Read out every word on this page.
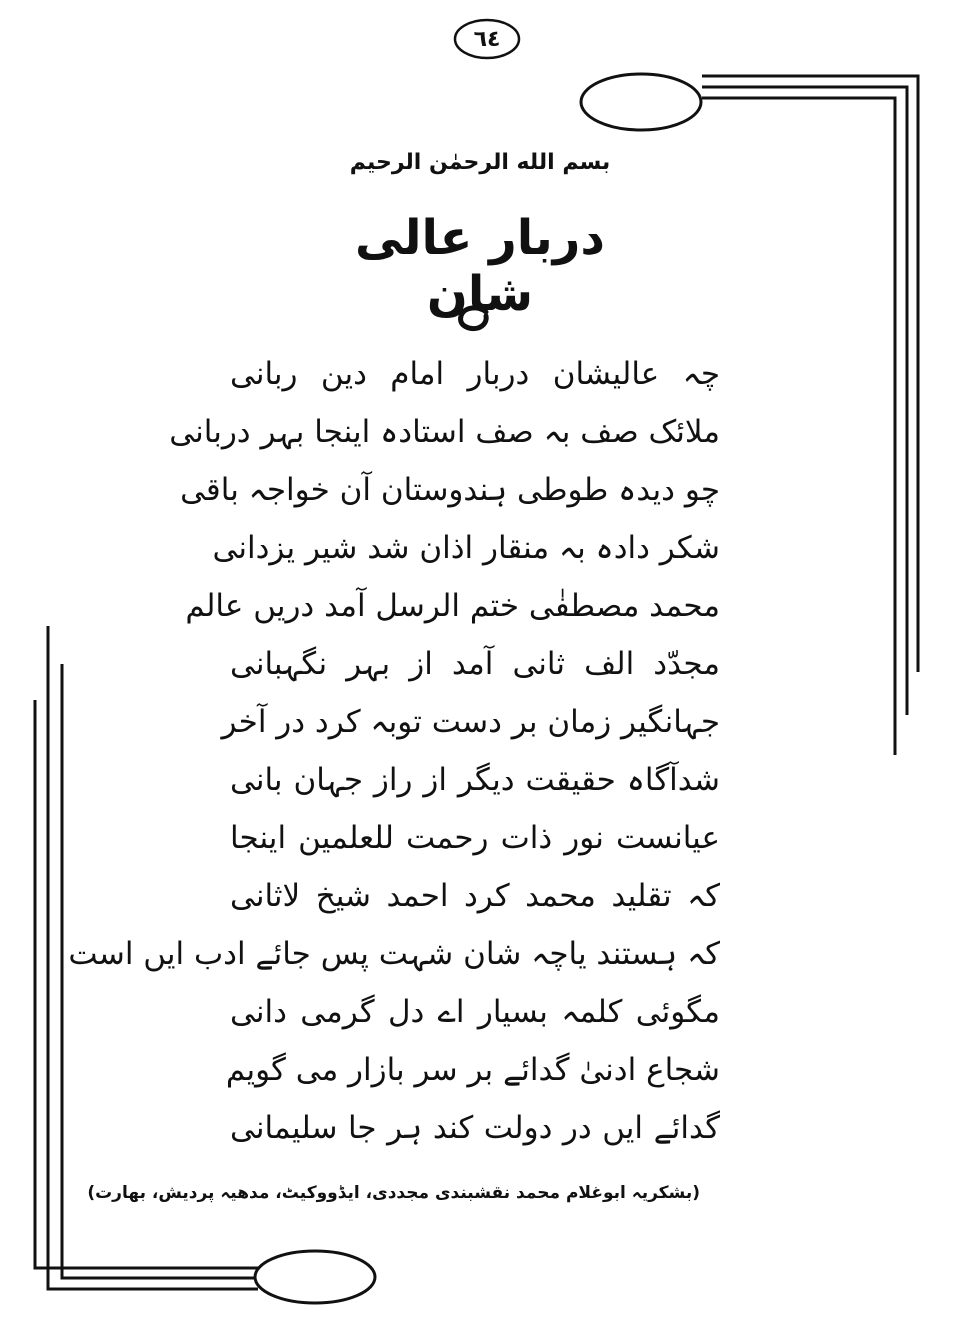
٦٤
بسم الله الرحمٰن الرحيم
دربار عالی شان
چہ عالیشان دربار امام دین ربانی
ملائک صف بہ صف استادہ اینجا بہر دربانی
چو دیدہ طوطی ہندوستان آن خواجہ باقی
شکر دادہ بہ منقار اذان شد شیر یزدانی
محمد مصطفٰی ختم الرسل آمد دریں عالم
مجدّد الف ثانی آمد از بہر نگہبانی
جہانگیر زمان بر دست توبہ کرد در آخر
شدآگاہ حقیقت دیگر از راز جہان بانی
عیانست نور ذات رحمت للعلمین اینجا
کہ تقلید محمد کرد احمد شیخ لاثانی
کہ ہستند یاچہ شان شہت پس جائے ادب ایں است
مگوئی کلمہ بسیار اے دل گرمی دانی
شجاع ادنیٰ گدائے بر سر بازار می گویم
گدائے ایں در دولت کند ہر جا سلیمانی
(بشکریہ ابوغلام محمد نقشبندی مجددی، ایڈووکیٹ، مدھیہ پردیش، بھارت)
